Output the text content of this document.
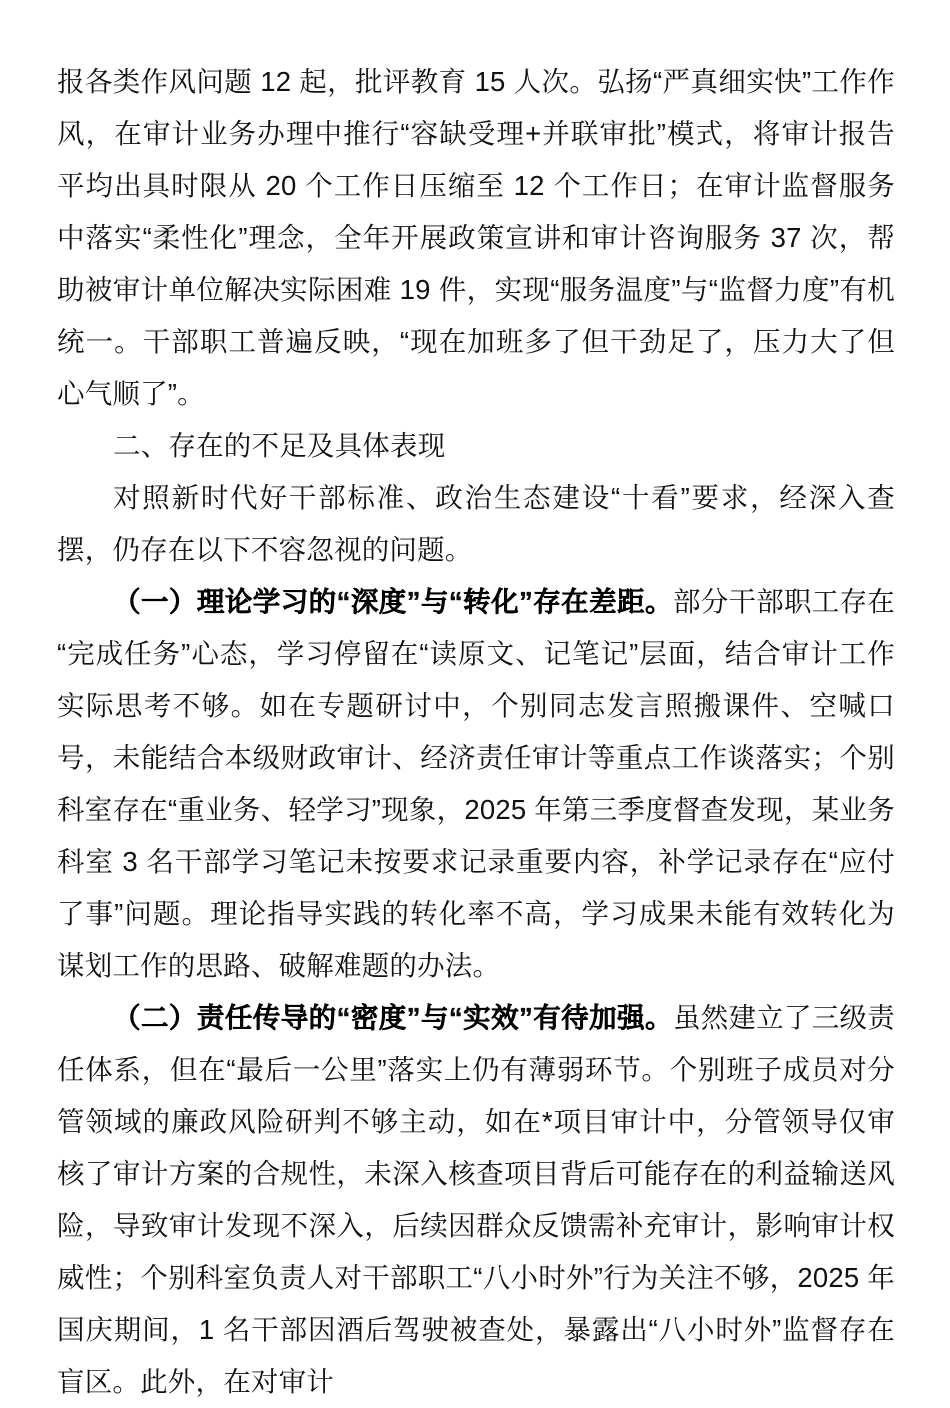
报各类作风问题 12 起，批评教育 15 人次。弘扬“严真细实快”工作作风，在审计业务办理中推行“容缺受理+并联审批”模式，将审计报告平均出具时限从 20 个工作日压缩至 12 个工作日；在审计监督服务中落实“柔性化”理念，全年开展政策宣讲和审计咨询服务 37 次，帮助被审计单位解决实际困难 19 件，实现“服务温度”与“监督力度”有机统一。干部职工普遍反映，“现在加班多了但干劲足了，压力大了但心气顺了”。

二、存在的不足及具体表现

对照新时代好干部标准、政治生态建设“十看”要求，经深入查摆，仍存在以下不容忽视的问题。

（一）理论学习的“深度”与“转化”存在差距。部分干部职工存在“完成任务”心态，学习停留在“读原文、记笔记”层面，结合审计工作实际思考不够。如在专题研讨中，个别同志发言照搬课件、空喊口号，未能结合本级财政审计、经济责任审计等重点工作谈落实；个别科室存在“重业务、轻学习”现象，2025 年第三季度督查发现，某业务科室 3 名干部学习笔记未按要求记录重要内容，补学记录存在“应付了事”问题。理论指导实践的转化率不高，学习成果未能有效转化为谋划工作的思路、破解难题的办法。

（二）责任传导的“密度”与“实效”有待加强。虽然建立了三级责任体系，但在“最后一公里”落实上仍有薄弱环节。个别班子成员对分管领域的廉政风险研判不够主动，如在*项目审计中，分管领导仅审核了审计方案的合规性，未深入核查项目背后可能存在的利益输送风险，导致审计发现不深入，后续因群众反馈需补充审计，影响审计权威性；个别科室负责人对干部职工“八小时外”行为关注不够，2025 年国庆期间，1 名干部因酒后驾驶被查处，暴露出“八小时外”监督存在盲区。此外，在对审计
